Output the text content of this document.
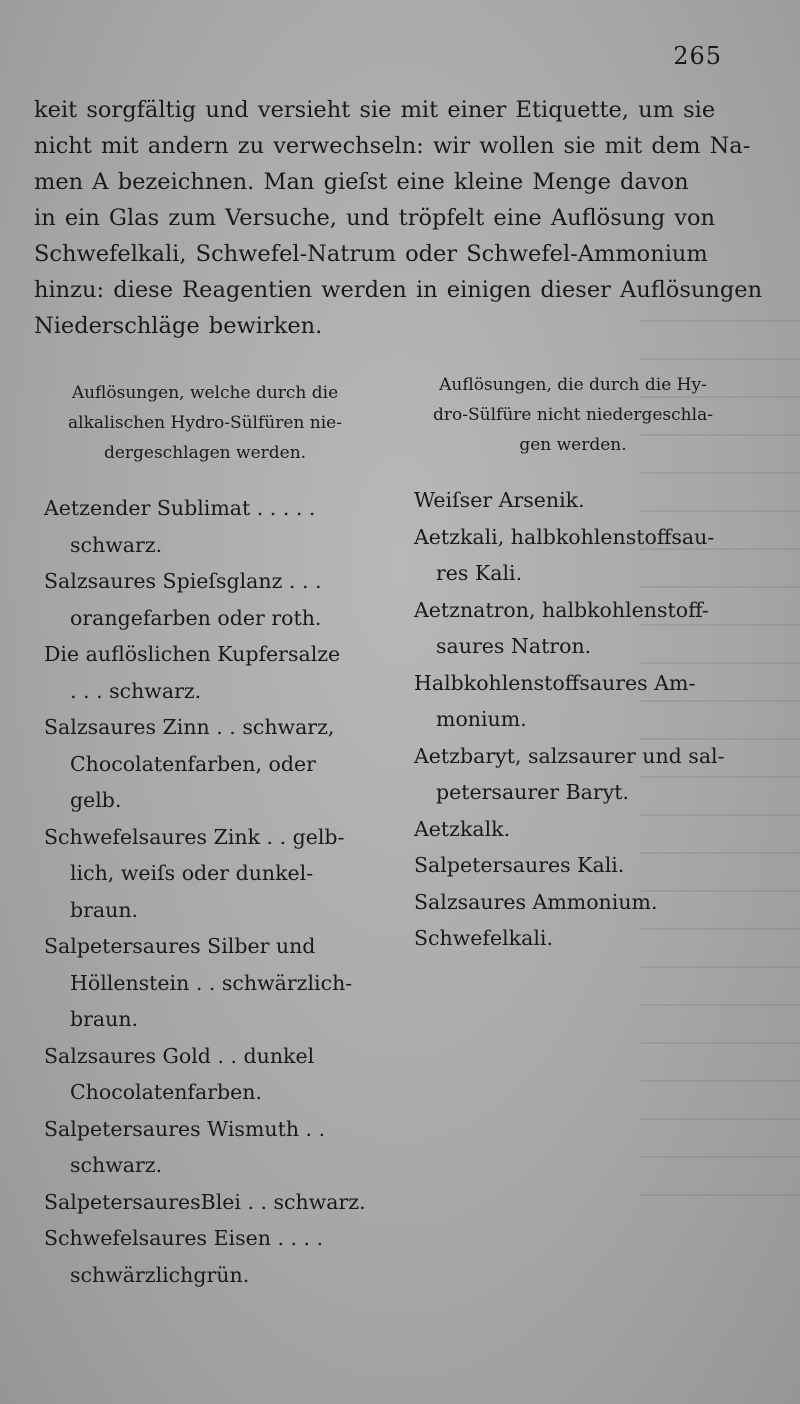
265
keit sorgfältig und versieht sie mit einer Etiquette, um sie
nicht mit andern zu verwechseln: wir wollen sie mit dem Na-
men A bezeichnen. Man gieſst eine kleine Menge davon
in ein Glas zum Versuche, und tröpfelt eine Auflösung von
Schwefelkali, Schwefel-Natrum oder Schwefel-Ammonium
hinzu: diese Reagentien werden in einigen dieser Auflösungen
Niederschläge bewirken.
Auflösungen, welche durch die
alkalischen Hydro-Sülfüren nie-
dergeschlagen werden.
Auflösungen, die durch die Hy-
dro-Sülfüre nicht niedergeschla-
gen werden.
Aetzender Sublimat . . . . .
schwarz.
Salzsaures Spieſsglanz . . .
orangefarben oder roth.
Die auflöslichen Kupfersalze
. . . schwarz.
Salzsaures Zinn . . schwarz,
Chocolatenfarben, oder
gelb.
Schwefelsaures Zink . . gelb-
lich, weiſs oder dunkel-
braun.
Salpetersaures Silber und
Höllenstein . . schwärzlich-
braun.
Salzsaures Gold . . dunkel
Chocolatenfarben.
Salpetersaures Wismuth . .
schwarz.
SalpetersauresBlei . . schwarz.
Schwefelsaures Eisen . . . .
schwärzlichgrün.
Weiſser Arsenik.
Aetzkali, halbkohlenstoffsau-
res Kali.
Aetznatron, halbkohlenstoff-
saures Natron.
Halbkohlenstoffsaures Am-
monium.
Aetzbaryt, salzsaurer und sal-
petersaurer Baryt.
Aetzkalk.
Salpetersaures Kali.
Salzsaures Ammonium.
Schwefelkali.
